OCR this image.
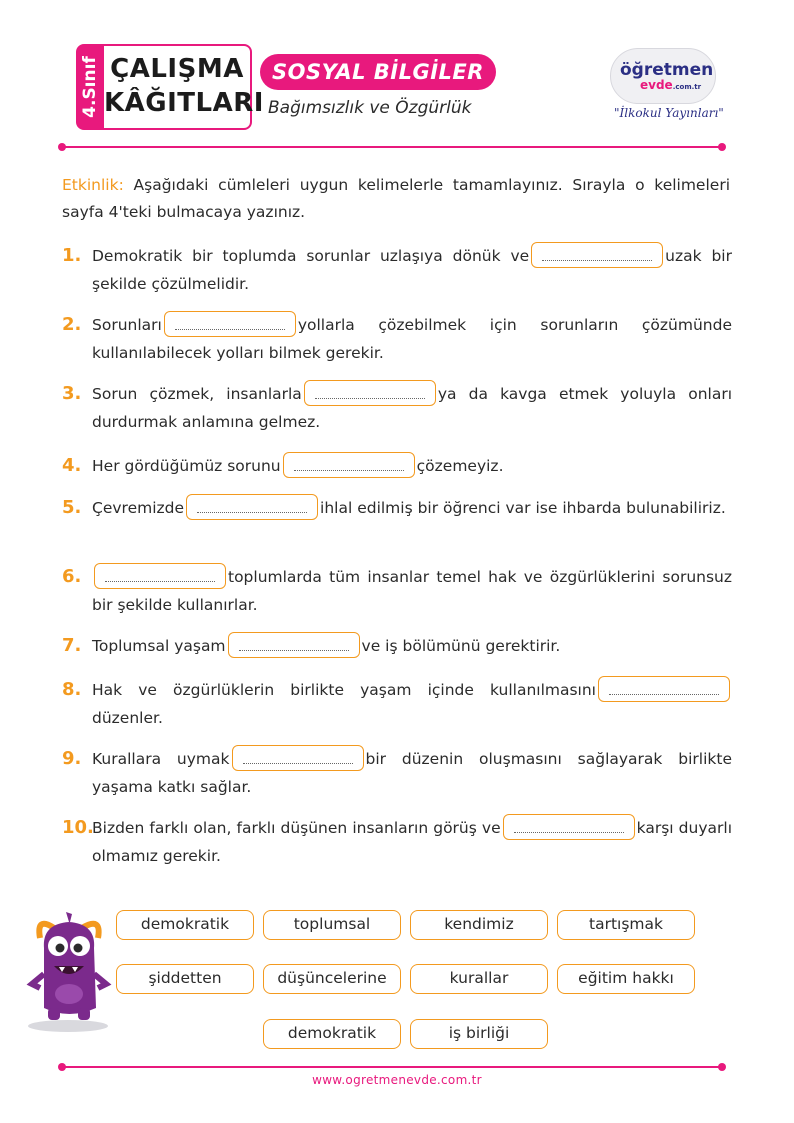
4.Sınıf ÇALIŞMA
KÂĞITLARI
SOSYAL BİLGİLER
Bağımsızlık ve Özgürlük
öğretmen
evde.com.tr
"İlkokul Yayınları"
Etkinlik: Aşağıdaki cümleleri uygun kelimelerle tamamlayınız. Sırayla o kelimeleri sayfa 4'teki bulmacaya yazınız.
1. Demokratik bir toplumda sorunlar uzlaşıya dönük ve	uzak bir şekilde çözülmelidir.
2. Sorunları	yollarla çözebilmek için sorunların çözümünde kullanılabilecek yolları bilmek gerekir.
3. Sorun çözmek, insanlarla	ya da kavga etmek yoluyla onları durdurmak anlamına gelmez.
4. Her gördüğümüz sorunu	çözemeyiz.
5. Çevremizde	ihlal edilmiş bir öğrenci var ise ihbarda bulunabiliriz.
6.	toplumlarda tüm insanlar temel hak ve özgürlüklerini sorunsuz bir şekilde kullanırlar.
7. Toplumsal yaşam	ve iş bölümünü gerektirir.
8. Hak ve özgürlüklerin birlikte yaşam içinde kullanılmasınıdüzenler.
9. Kurallara uymak	bir düzenin oluşmasını sağlayarak birlikte yaşama katkı sağlar.
10.
Bizden farklı olan, farklı düşünen insanların görüş ve	karşı duyarlı olmamız gerekir.
demokratik	toplumsal	kendimiz	tartışmak
şiddetten	düşüncelerine	kurallar	eğitim hakkı
demokratik	iş birliği
www.ogretmenevde.com.tr
